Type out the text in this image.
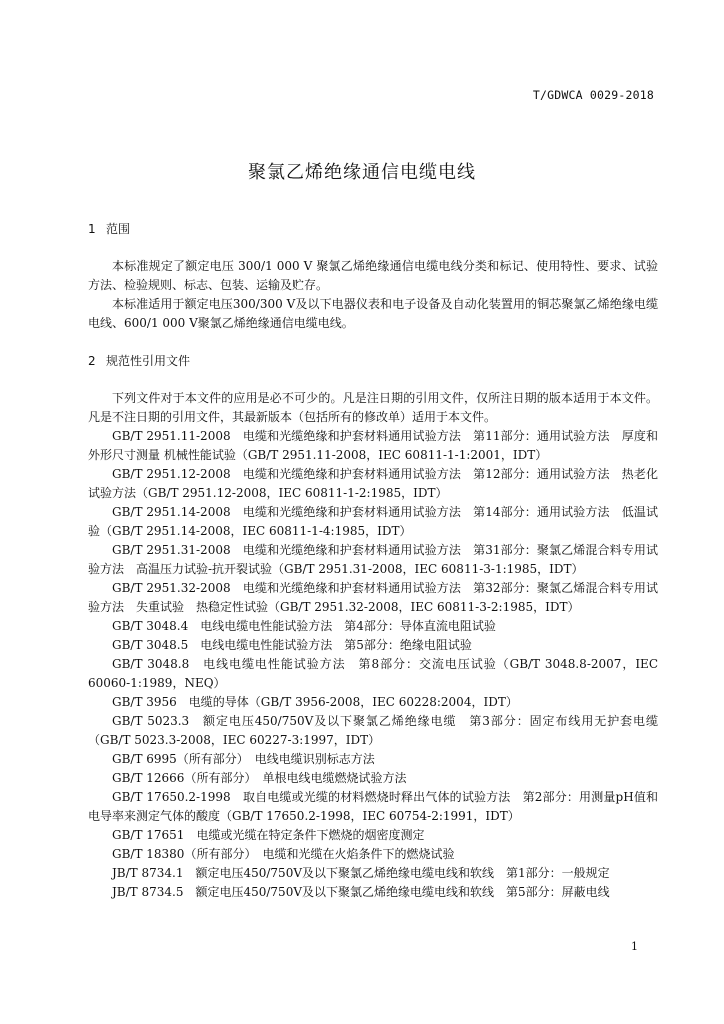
T/GDWCA 0029-2018
聚氯乙烯绝缘通信电缆电线
1 范围

本标准规定了额定电压 300/1 000 V 聚氯乙烯绝缘通信电缆电线分类和标记、使用特性、要求、试验方法、检验规则、标志、包装、运输及贮存。

本标准适用于额定电压300/300 V及以下电器仪表和电子设备及自动化装置用的铜芯聚氯乙烯绝缘电缆电线、600/1 000 V聚氯乙烯绝缘通信电缆电线。

2 规范性引用文件

下列文件对于本文件的应用是必不可少的。凡是注日期的引用文件，仅所注日期的版本适用于本文件。凡是不注日期的引用文件，其最新版本（包括所有的修改单）适用于本文件。

GB/T 2951.11-2008　电缆和光缆绝缘和护套材料通用试验方法　第11部分：通用试验方法　厚度和外形尺寸测量 机械性能试验（GB/T 2951.11-2008，IEC 60811-1-1:2001，IDT）

GB/T 2951.12-2008　电缆和光缆绝缘和护套材料通用试验方法　第12部分：通用试验方法　热老化试验方法（GB/T 2951.12-2008，IEC 60811-1-2:1985，IDT）

GB/T 2951.14-2008　电缆和光缆绝缘和护套材料通用试验方法　第14部分：通用试验方法　低温试验（GB/T 2951.14-2008，IEC 60811-1-4:1985，IDT）

GB/T 2951.31-2008　电缆和光缆绝缘和护套材料通用试验方法　第31部分：聚氯乙烯混合料专用试验方法　高温压力试验-抗开裂试验（GB/T 2951.31-2008，IEC 60811-3-1:1985，IDT）

GB/T 2951.32-2008　电缆和光缆绝缘和护套材料通用试验方法　第32部分：聚氯乙烯混合料专用试验方法　失重试验　热稳定性试验（GB/T 2951.32-2008，IEC 60811-3-2:1985，IDT）

GB/T 3048.4　电线电缆电性能试验方法　第4部分：导体直流电阻试验

GB/T 3048.5　电线电缆电性能试验方法　第5部分：绝缘电阻试验

GB/T 3048.8　电线电缆电性能试验方法　第8部分：交流电压试验（GB/T 3048.8-2007，IEC 60060-1:1989，NEQ）

GB/T 3956　电缆的导体（GB/T 3956-2008，IEC 60228:2004，IDT）

GB/T 5023.3　额定电压450/750V及以下聚氯乙烯绝缘电缆　第3部分：固定布线用无护套电缆（GB/T 5023.3-2008，IEC 60227-3:1997，IDT）

GB/T 6995（所有部分）　电线电缆识别标志方法

GB/T 12666（所有部分）　单根电线电缆燃烧试验方法

GB/T 17650.2-1998　取自电缆或光缆的材料燃烧时释出气体的试验方法　第2部分：用测量pH值和电导率来测定气体的酸度（GB/T 17650.2-1998，IEC 60754-2:1991，IDT）

GB/T 17651　电缆或光缆在特定条件下燃烧的烟密度测定

GB/T 18380（所有部分）　电缆和光缆在火焰条件下的燃烧试验

JB/T 8734.1　额定电压450/750V及以下聚氯乙烯绝缘电缆电线和软线　第1部分：一般规定

JB/T 8734.5　额定电压450/750V及以下聚氯乙烯绝缘电缆电线和软线　第5部分：屏蔽电线

1
